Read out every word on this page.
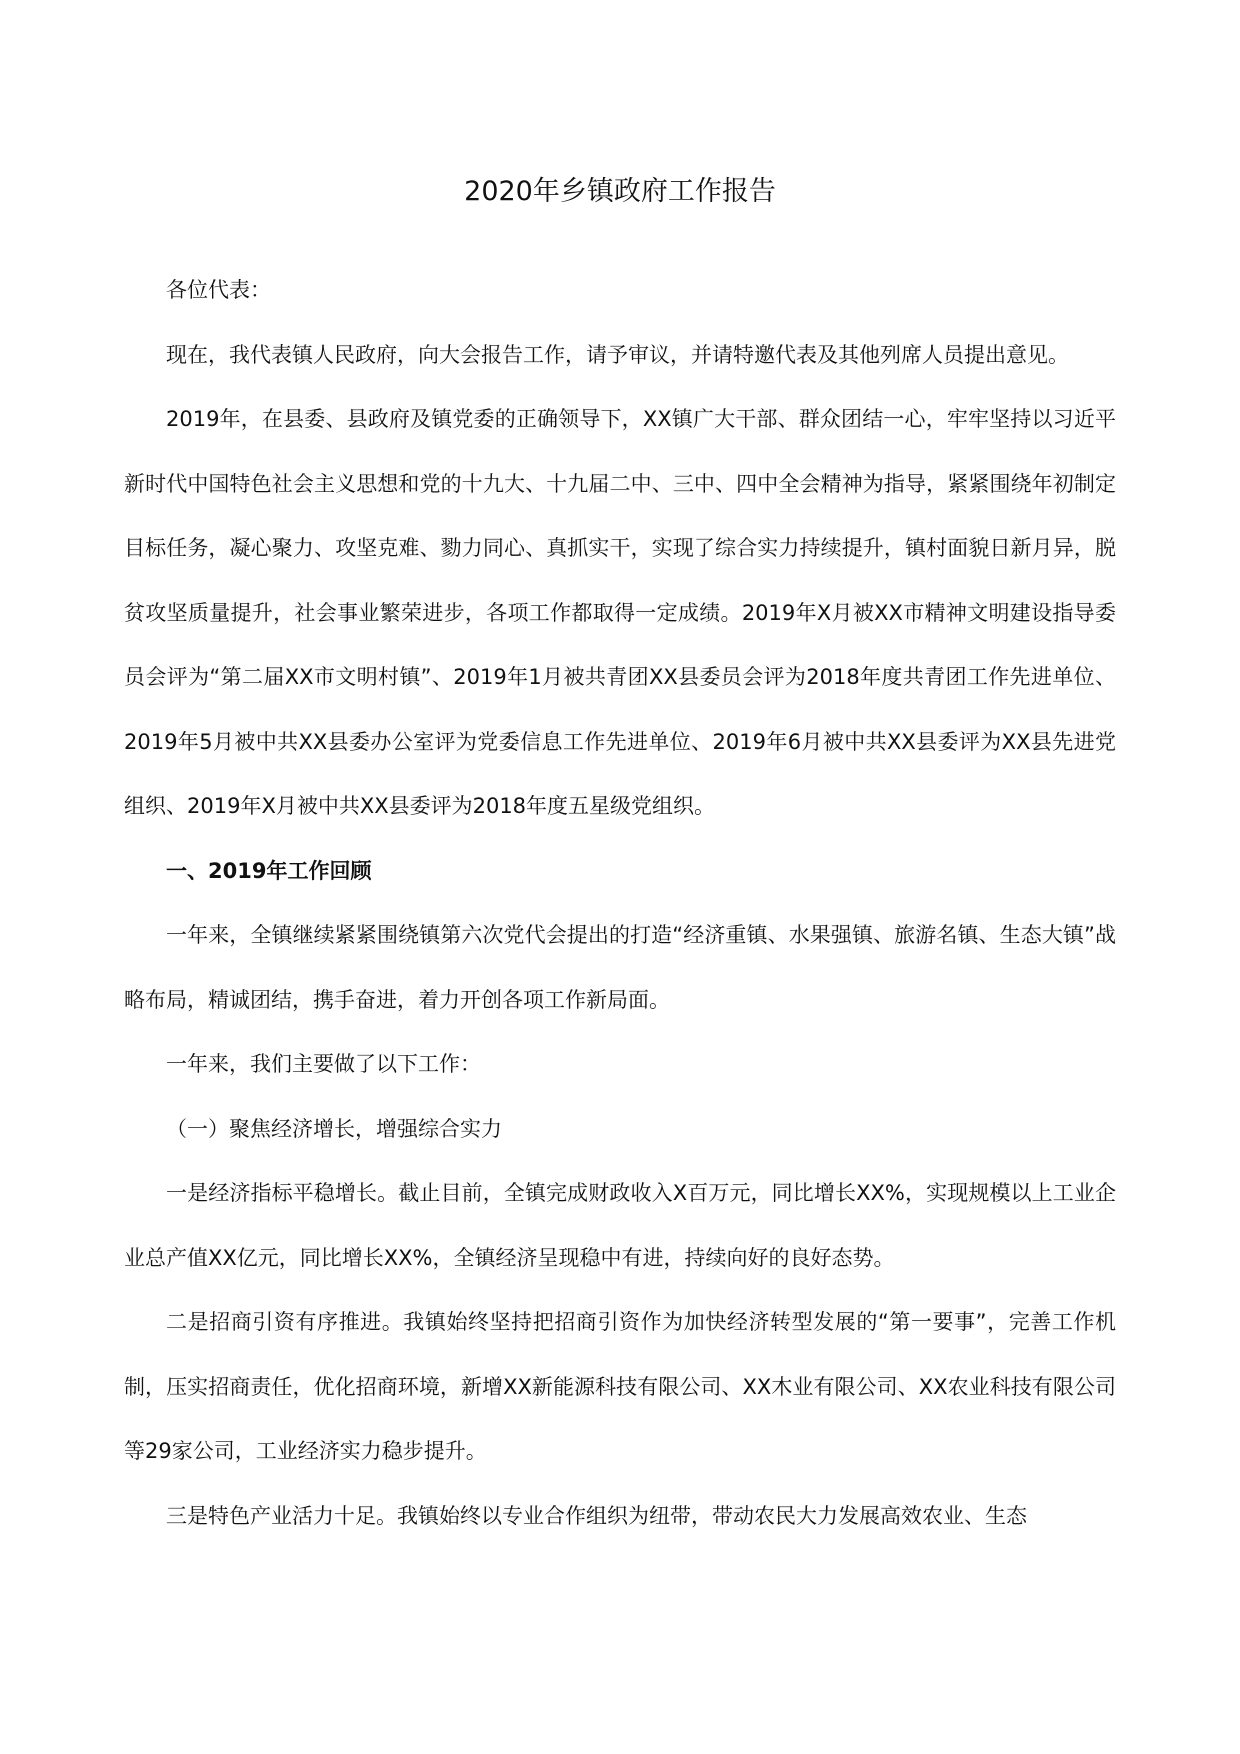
2020年乡镇政府工作报告

各位代表：

现在，我代表镇人民政府，向大会报告工作，请予审议，并请特邀代表及其他列席人员提出意见。

2019年，在县委、县政府及镇党委的正确领导下，XX镇广大干部、群众团结一心，牢牢坚持以习近平新时代中国特色社会主义思想和党的十九大、十九届二中、三中、四中全会精神为指导，紧紧围绕年初制定目标任务，凝心聚力、攻坚克难、勠力同心、真抓实干，实现了综合实力持续提升，镇村面貌日新月异，脱贫攻坚质量提升，社会事业繁荣进步，各项工作都取得一定成绩。2019年X月被XX市精神文明建设指导委员会评为“第二届XX市文明村镇”、2019年1月被共青团XX县委员会评为2018年度共青团工作先进单位、2019年5月被中共XX县委办公室评为党委信息工作先进单位、2019年6月被中共XX县委评为XX县先进党组织、2019年X月被中共XX县委评为2018年度五星级党组织。

一、2019年工作回顾

一年来，全镇继续紧紧围绕镇第六次党代会提出的打造“经济重镇、水果强镇、旅游名镇、生态大镇”战略布局，精诚团结，携手奋进，着力开创各项工作新局面。

一年来，我们主要做了以下工作：

（一）聚焦经济增长，增强综合实力

一是经济指标平稳增长。截止目前，全镇完成财政收入X百万元，同比增长XX%，实现规模以上工业企业总产值XX亿元，同比增长XX%，全镇经济呈现稳中有进，持续向好的良好态势。

二是招商引资有序推进。我镇始终坚持把招商引资作为加快经济转型发展的“第一要事”，完善工作机制，压实招商责任，优化招商环境，新增XX新能源科技有限公司、XX木业有限公司、XX农业科技有限公司等29家公司，工业经济实力稳步提升。

三是特色产业活力十足。我镇始终以专业合作组织为纽带，带动农民大力发展高效农业、生态
